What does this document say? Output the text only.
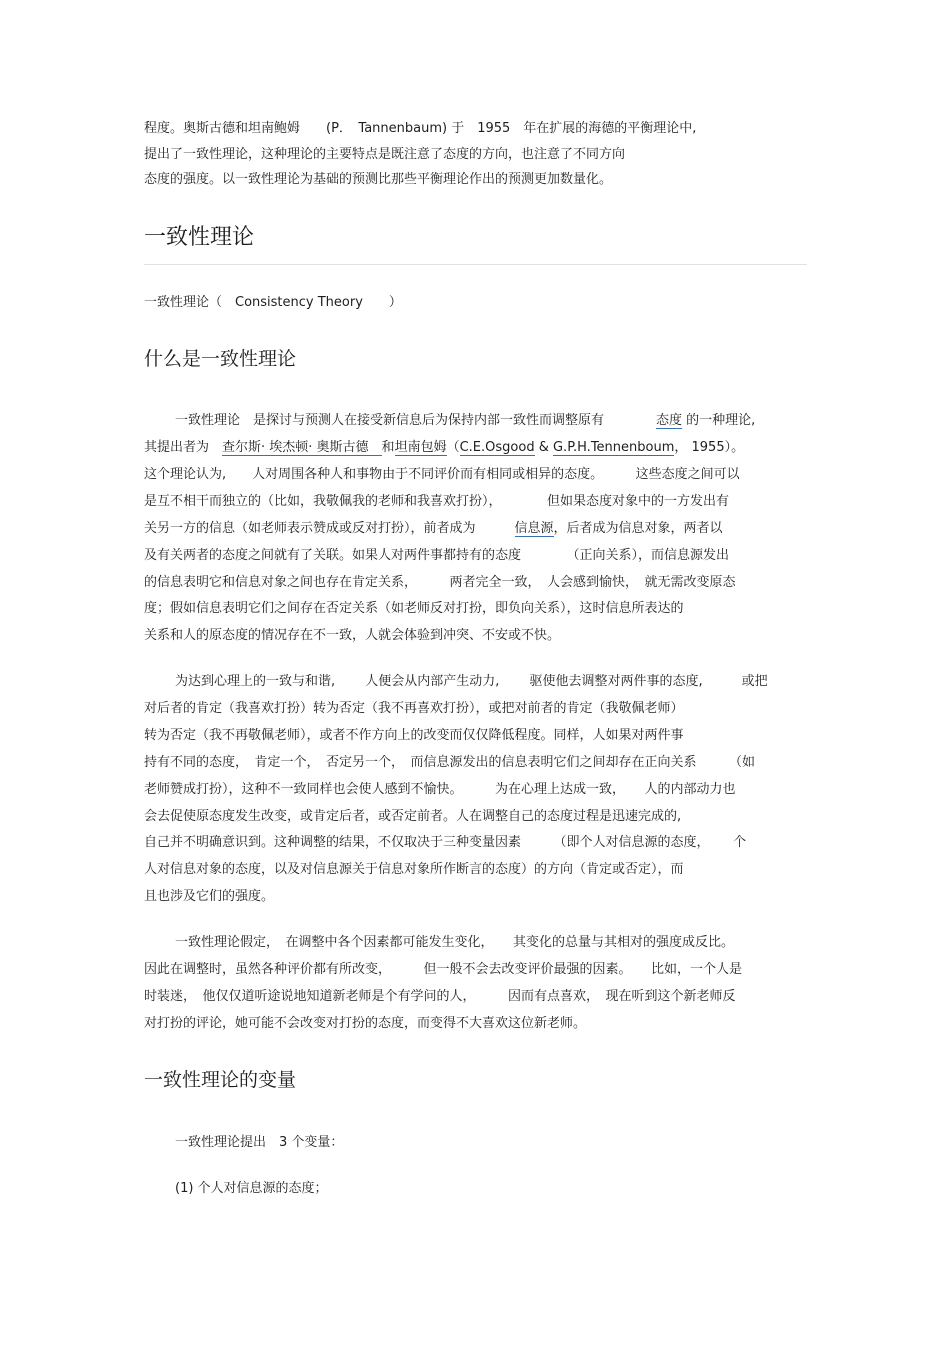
程度。奥斯古德和坦南鲍姆　　(P．　Tannenbaum) 于　1955　年在扩展的海德的平衡理论中,
提出了一致性理论，这种理论的主要特点是既注意了态度的方向，也注意了不同方向
态度的强度。以一致性理论为基础的预测比那些平衡理论作出的预测更加数量化。
一致性理论
一致性理论（　Consistency Theory　　）
什么是一致性理论
一致性理论　是探讨与预测人在接受新信息后为保持内部一致性而调整原有　　　　态度 的一种理论,
其提出者为　查尔斯· 埃杰顿· 奥斯古德　和坦南包姆（C.E.Osgood & G.P.H.Tennenboum， 1955）。
这个理论认为,　　人对周围各种人和事物由于不同评价而有相同或相异的态度。　　　这些态度之间可以
是互不相干而独立的（比如，我敬佩我的老师和我喜欢打扮），　　　　但如果态度对象中的一方发出有
关另一方的信息（如老师表示赞成或反对打扮），前者成为　　　信息源，后者成为信息对象，两者以
及有关两者的态度之间就有了关联。如果人对两件事都持有的态度　　　　（正向关系），而信息源发出
的信息表明它和信息对象之间也存在肯定关系，　　　两者完全一致，　人会感到愉快，　就无需改变原态
度；假如信息表明它们之间存在否定关系（如老师反对打扮，即负向关系），这时信息所表达的
关系和人的原态度的情况存在不一致，人就会体验到冲突、不安或不快。
为达到心理上的一致与和谐,　　 人便会从内部产生动力,　　 驱使他去调整对两件事的态度,　　　或把
对后者的肯定（我喜欢打扮）转为否定（我不再喜欢打扮），或把对前者的肯定（我敬佩老师）
转为否定（我不再敬佩老师），或者不作方向上的改变而仅仅降低程度。同样，人如果对两件事
持有不同的态度，　肯定一个，　否定另一个，　而信息源发出的信息表明它们之间却存在正向关系　　　（如
老师赞成打扮），这种不一致同样也会使人感到不愉快。　　　为在心理上达成一致，　　人的内部动力也
会去促使原态度发生改变，或肯定后者，或否定前者。人在调整自己的态度过程是迅速完成的,
自己并不明确意识到。这种调整的结果，不仅取决于三种变量因素　　　（即个人对信息源的态度，　　 个
人对信息对象的态度，以及对信息源关于信息对象所作断言的态度）的方向（肯定或否定），而
且也涉及它们的强度。
一致性理论假定，　在调整中各个因素都可能发生变化，　　其变化的总量与其相对的强度成反比。
因此在调整时，虽然各种评价都有所改变，　　　但一般不会去改变评价最强的因素。　　比如，一个人是
时装迷，　他仅仅道听途说地知道新老师是个有学问的人，　　　因而有点喜欢，　现在听到这个新老师反
对打扮的评论，她可能不会改变对打扮的态度，而变得不大喜欢这位新老师。
一致性理论的变量
一致性理论提出　3 个变量：
(1) 个人对信息源的态度；
